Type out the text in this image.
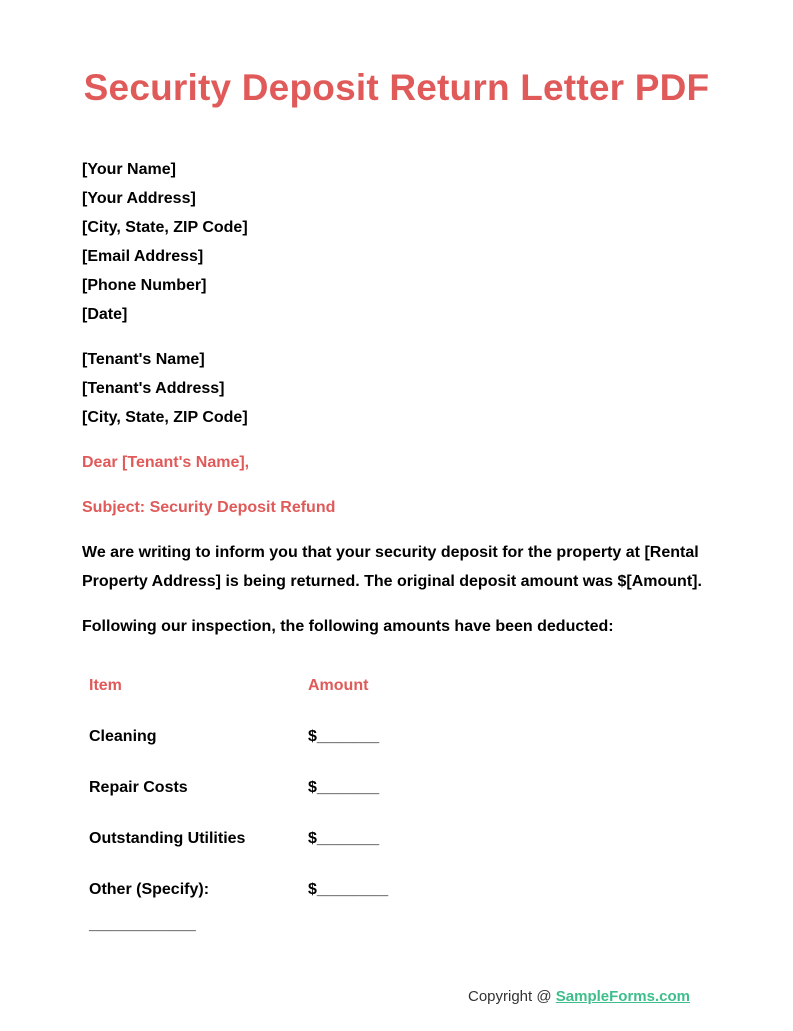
Security Deposit Return Letter PDF
[Your Name]
[Your Address]
[City, State, ZIP Code]
[Email Address]
[Phone Number]
[Date]
[Tenant's Name]
[Tenant's Address]
[City, State, ZIP Code]
Dear [Tenant's Name],
Subject: Security Deposit Refund

We are writing to inform you that your security deposit for the property at [Rental Property Address] is being returned. The original deposit amount was $[Amount].

Following our inspection, the following amounts have been deducted:

Item	Amount
Cleaning	$_______
Repair Costs	$_______
Outstanding Utilities	$_______
Other (Specify):	$________
____________	
Copyright @ SampleForms.com
